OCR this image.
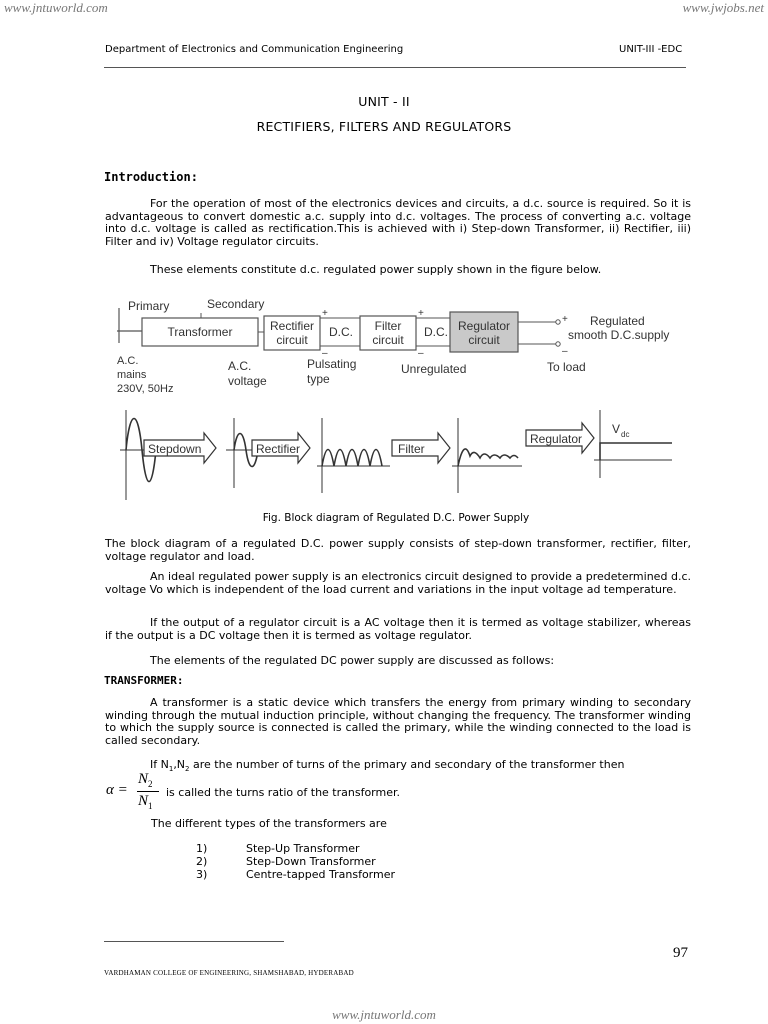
www.jntuworld.com	www.jwjobs.net
Department of Electronics and Communication Engineering	UNIT-III -EDC
UNIT - II
RECTIFIERS, FILTERS AND REGULATORS
Introduction:
For the operation of most of the electronics devices and circuits, a d.c. source is required. So it is advantageous to convert domestic a.c. supply into d.c. voltages. The process of converting a.c. voltage into d.c. voltage is called as rectification.This is achieved with i) Step-down Transformer, ii) Rectifier, iii) Filter and iv) Voltage regulator circuits.
These elements constitute d.c. regulated power supply shown in the figure below.
Primary	Secondary
Transformer	Rectifier
circuit
+
–
D.C. Filter
circuit
+
–
D.C. Regulator
circuit
+
–
Regulated
smooth D.C.supply
A.C.
mains
230V, 50Hz
A.C.
voltage
Pulsating
type
Unregulated	To load
Stepdown	Rectifier	Filter
Regulator
V dc
Fig. Block diagram of Regulated D.C. Power Supply
The block diagram of a regulated D.C. power supply consists of step-down transformer, rectifier, filter, voltage regulator and load.
An ideal regulated power supply is an electronics circuit designed to provide a predetermined d.c. voltage Vo which is independent of the load current and variations in the input voltage ad temperature.
If the output of a regulator circuit is a AC voltage then it is termed as voltage stabilizer, whereas if the output is a DC voltage then it is termed as voltage regulator.
The elements of the regulated DC power supply are discussed as follows:
TRANSFORMER:
A transformer is a static device which transfers the energy from primary winding to secondary winding through the mutual induction principle, without changing the frequency. The transformer winding to which the supply source is connected is called the primary, while the winding connected to the load is called secondary.
If $N_1,N_2$ are the number of turns of the primary and secondary of the transformer then
α =
$N_2$
$N_1$
is called the turns ratio of the transformer.
The different types of the transformers are
1)	Step-Up Transformer
2)	Step-Down Transformer
3)	Centre-tapped Transformer
97
VARDHAMAN COLLEGE OF ENGINEERING, SHAMSHABAD, HYDERABAD
www.jntuworld.com
